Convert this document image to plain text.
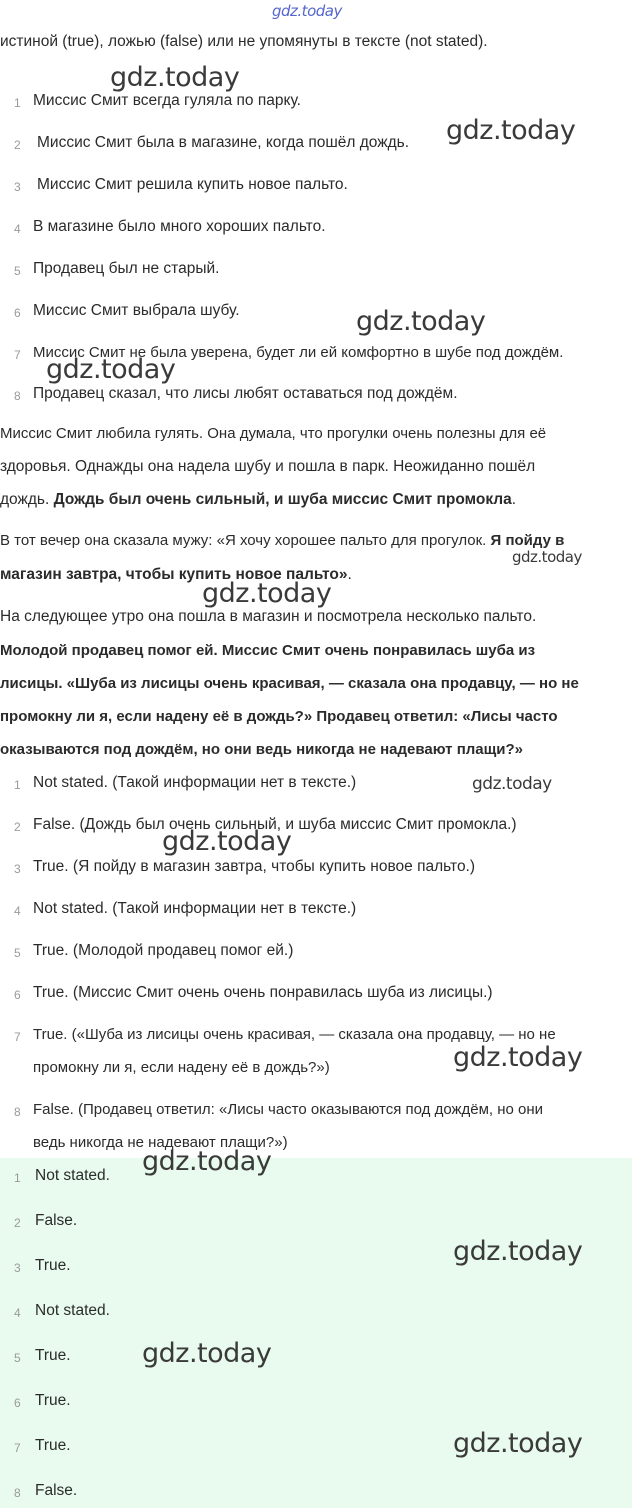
истиной (true), ложью (false) или не упомянуты в тексте (not stated).
1 Миссис Смит всегда гуляла по парку.
2 Миссис Смит была в магазине, когда пошёл дождь.
3 Миссис Смит решила купить новое пальто.
4 В магазине было много хороших пальто.
5 Продавец был не старый.
6 Миссис Смит выбрала шубу.
7 Миссис Смит не была уверена, будет ли ей комфортно в шубе под дождём.
8 Продавец сказал, что лисы любят оставаться под дождём.
Миссис Смит любила гулять. Она думала, что прогулки очень полезны для её
здоровья. Однажды она надела шубу и пошла в парк. Неожиданно пошёл
дождь. Дождь был очень сильный, и шуба миссис Смит промокла.
В тот вечер она сказала мужу: «Я хочу хорошее пальто для прогулок. Я пойду в
магазин завтра, чтобы купить новое пальто».
На следующее утро она пошла в магазин и посмотрела несколько пальто.
Молодой продавец помог ей. Миссис Смит очень понравилась шуба из
лисицы. «Шуба из лисицы очень красивая, — сказала она продавцу, — но не
промокну ли я, если надену её в дождь?» Продавец ответил: «Лисы часто
оказываются под дождём, но они ведь никогда не надевают плащи?»
1 Not stated. (Такой информации нет в тексте.)
2 False. (Дождь был очень сильный, и шуба миссис Смит промокла.)
3 True. (Я пойду в магазин завтра, чтобы купить новое пальто.)
4 Not stated. (Такой информации нет в тексте.)
5 True. (Молодой продавец помог ей.)
6 True. (Миссис Смит очень очень понравилась шуба из лисицы.)
7 True. («Шуба из лисицы очень красивая, — сказала она продавцу, — но не
промокну ли я, если надену её в дождь?»)
8 False. (Продавец ответил: «Лисы часто оказываются под дождём, но они
ведь никогда не надевают плащи?»)
1 Not stated.
2 False.
3 True.
4 Not stated.
5 True.
6 True.
7 True.
8 False.
gdz.today
gdz.today
gdz.today
gdz.today
gdz.today
gdz.today
gdz.today
gdz.today
gdz.today
gdz.today
gdz.today
gdz.today
gdz.today
gdz.today
